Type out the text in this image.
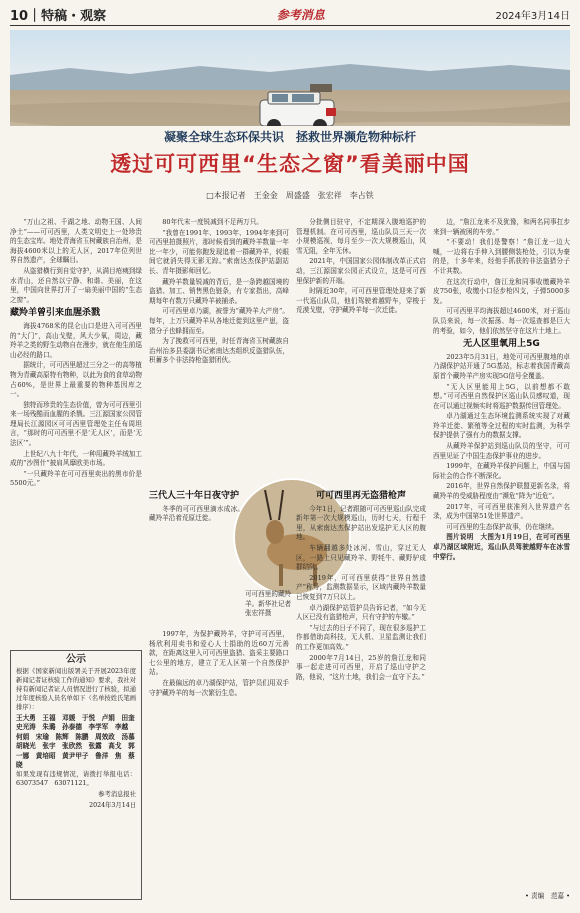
10｜特稿・观察	参考消息	2024年3月14日
凝聚全球生态环保共识　拯救世界濒危物种标杆
透过可可西里“生态之窗”看美丽中国
□本报记者　王金金　周盛盛　张宏祥　李占铁

“万山之祖、千湖之地、动物王国、人间净土”——可可西里，人类文明史上一处珍贵的生态宝库。地处青海省玉树藏族自治州，是海拔4600米以上的无人区，2017年位列世界自然遗产，全球瞩目。

从盗猎横行到自觉守护，从满目疮痍到绿水青山，还自然以宁静、和谐、美丽，在这里，中国向世界打开了一扇美丽中国的“生态之窗”。

藏羚羊曾引来血腥杀戮

海拔4768米的昆仑山口是进入可可西里的“大门”，高山戈壁，风大少氧，周边，藏羚羊之类的野生动物自在漫步，就在他生前巡山必经的路口。

据统计，可可西里超过三分之一的高等植物为青藏高原特有物种，以此为食的食草动物占60%，是世界上最重要的物种基因库之一。

独特而珍贵的生态价值，曾为可可西里引来一场残酷而血腥的杀戮。三江源国家公园管理局长江源园区可可西里管理处主任布周坦言，“那时的可可西里不是‘无人区’，而是‘无法区’”。

上世纪八九十年代，一种用藏羚羊绒加工成的“沙图什”披肩风靡欧美市场。

“一只藏羚羊在可可西里卖出的黑市价是5500元。”

80年代末一度锐减到不足两万只。

“我曾在1991年、1993年、1994年来到可可西里拍摄照片，那时候看到的藏羚羊数量一年比一年少，可能你跑发现追着一群藏羚羊，转眼间它就消失得无影无踪。”索南达杰保护站副站长、青年摄影师回忆。

藏羚羊数量锐减的背后，是一条跨越国境的盗猎、加工、销售黑色链条，有专家指出，高峰期每年有数万只藏羚羊被捕杀。

可可西里卓乃湖，被誉为“藏羚羊大产房”。每年，上万只藏羚羊从各地迁徙到这里产崽，盗猎分子也蜂拥而至。

为了挽救可可西里，时任青海省玉树藏族自治州治多县委副书记索南达杰组织反盗猎队伍，积蓄多个非法持枪盗猎团伙。

三代人三十年日夜守护

冬季的可可西里滴水成冰。藏羚羊沿着荒原迁徙。

可可西里的藏羚羊。新华社记者 张宏祥摄

1997年，为保护藏羚羊，守护可可西里，杨欣利用卖书和爱心人士捐助的近60万元善款，在距离这里入可可西里盗猎、盗采主要路口七公里的地方，建立了无人区第一个自然保护站。

在最偏远的卓乃湖保护站，管护员们用双手守护藏羚羊的每一次繁衍生息。

分批侧目驻守，不定期深入腹地巡护的管理机制。在可可西里，巡山队员三天一次小规模巡视，每月至少一次大规模巡山，风雪无阻，全年无休。

2021年，中国国家公园体制改革正式启动，三江源国家公园正式设立，这是可可西里保护新的开端。

时隔近30年，可可西里管理处迎来了新一代巡山队员，他们驾驶着越野车，穿梭于荒漠戈壁，守护藏羚羊每一次迁徙。

可可西里再无盗猎枪声

今年1日，记者跟随可可西里巡山队完成新年第一次大规模巡山，历时七天，行程千里，从索南达杰保护站出发巡护无人区的腹地。

车辆翻越多处冰河、雪山，穿过无人区，一路上只见藏羚羊、野牦牛、藏野驴成群结队。

2019年，可可西里获得“世界自然遗产”称号，监测数据显示，区域内藏羚羊数量已恢复到7万只以上。

卓乃湖保护站管护员告诉记者，“如今无人区已没有盗猎枪声，只有守护的车辙。”

“与过去的日子不同了，现在很多巡护工作都借助高科技，无人机、卫星监测让我们的工作更加高效。”

2000年7月14日，25岁的詹江龙和同事一起走进可可西里，开启了巡山守护之路，他说，“这片土地，我们会一直守下去。”

边，“詹江龙来不及犹豫，和两名同事扛步来到一辆被困的车旁。”

“不要动！我们是警察！”詹江龙一边大喊，一边将右手伸入到腰侧装枪处，引以为豪的是，十多年来，经他手抓获的非法盗猎分子不计其数。

在这次行动中，詹江龙和同事收缴藏羚羊皮750张，收缴小口径步枪四支，子弹5000多发。

可可西里平均海拔超过4600米，对于巡山队员来说，每一次振荡、每一次巡查都是巨大的考验，如今，他们依然坚守在这片土地上。

无人区里氧用上5G

2023年5月31日，地处可可西里腹地的卓乃湖保护站开通了5G基站，标志着我国青藏高原首个藏羚羊产房实现5G信号全覆盖。

“无人区里能用上5G，以前想都不敢想。”可可西里自然保护区巡山队员感叹道，现在可以通过视频实时将巡护数据传回管理处。

卓乃湖通过生态环境监测系统实现了对藏羚羊迁徙、繁殖等全过程的实时监测，为科学保护提供了强有力的数据支撑。

从藏羚羊保护站到巡山队员的坚守，可可西里见证了中国生态保护事业的进步。

1999年，在藏羚羊保护问题上，中国与国际社会的合作不断深化。

2016年，世界自然保护联盟更新名录，将藏羚羊的受威胁程度由“濒危”降为“近危”。

2017年，可可西里获准列入世界遗产名录，成为中国第51处世界遗产。

可可西里的生态保护故事，仍在继续。

图片说明　大图为1月19日，在可可西里卓乃湖区域附近，巡山队员驾驶越野车在冰雪中穿行。

• 责编　范嘉 •
公示
根据《国家新闻出版署关于开展2023年度新闻记者证核验工作的通知》要求，我社对持有新闻记者证人员情况进行了核验，拟通过年度核验人员名单如下（名单按姓氏笔画排序）：
王大勇　王福　邓媛　于悦　卢娟　田奎　史光涛　朱璐　孙泰德　李学军　李越　何娟　宋瑜　陈辉　陈鹏　周效政　汤慕　胡晓光　张宇　张欣然　张露　高戈　郭一娜　黄培昭　黄尹甲子　鲁洋　焦　蔡晓
如果发现有违规情况，请拨打举报电话：63073547　63071121。
参考消息报社
2024年3月14日
